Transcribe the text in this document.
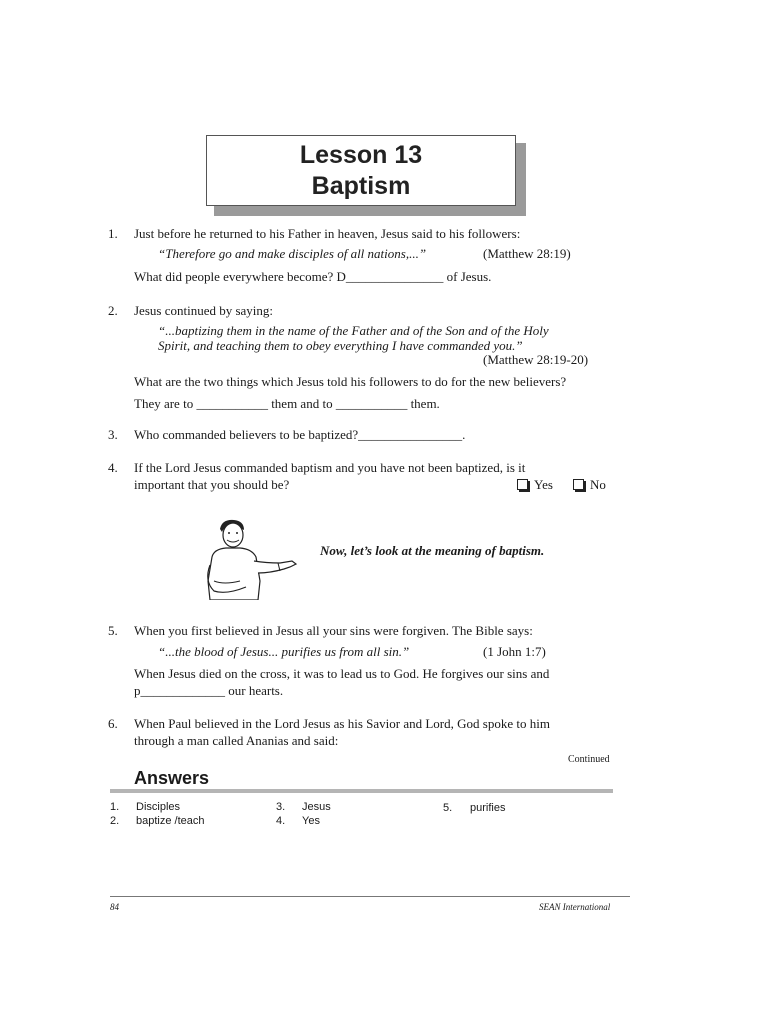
Lesson 13
Baptism
1.	Just before he returned to his Father in heaven, Jesus said to his followers:
“Therefore go and make disciples of all nations,...”	(Matthew 28:19)
What did people everywhere become? D_______________ of Jesus.
2.	Jesus continued by saying:
“...baptizing them in the name of the Father and of the Son and of the Holy
Spirit, and teaching them to obey everything I have commanded you.”
(Matthew 28:19-20)
What are the two things which Jesus told his followers to do for the new believers?
They are to ___________ them and to ___________ them.
3.	Who commanded believers to be baptized?________________.
4.	If the Lord Jesus commanded baptism and you have not been baptized, is it
important that you should be?	Yes	No
Now, let’s look at the meaning of baptism.
5.	When you first believed in Jesus all your sins were forgiven. The Bible says:
“...the blood of Jesus... purifies us from all sin.”	(1 John 1:7)
When Jesus died on the cross, it was to lead us to God. He forgives our sins and
p_____________ our hearts.
6.	When Paul believed in the Lord Jesus as his Savior and Lord, God spoke to him
through a man called Ananias and said:
Continued
Answers
1. Disciples
2. baptize /teach
3. Jesus
4. Yes
5. purifies
84	SEAN International
